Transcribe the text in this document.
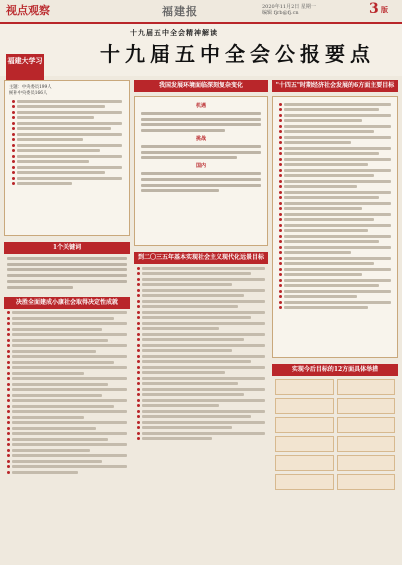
视点观察	福建报	2020年11月2日 星期一
编辑 fjrb@fj.cn	3 版
十九届五中全会精神解读
十九届五中全会公报要点
福建大学习
主题：中央委员199人
候补中央委员166人
1个关键词
决胜全面建成小康社会取得决定性成就
我国发展环境面临深刻复杂变化
机遇
挑战
国内
到二〇三五年基本实现社会主义现代化远景目标
"十四五"时期经济社会发展的6方面主要目标
实现今后目标的12方面具体举措
